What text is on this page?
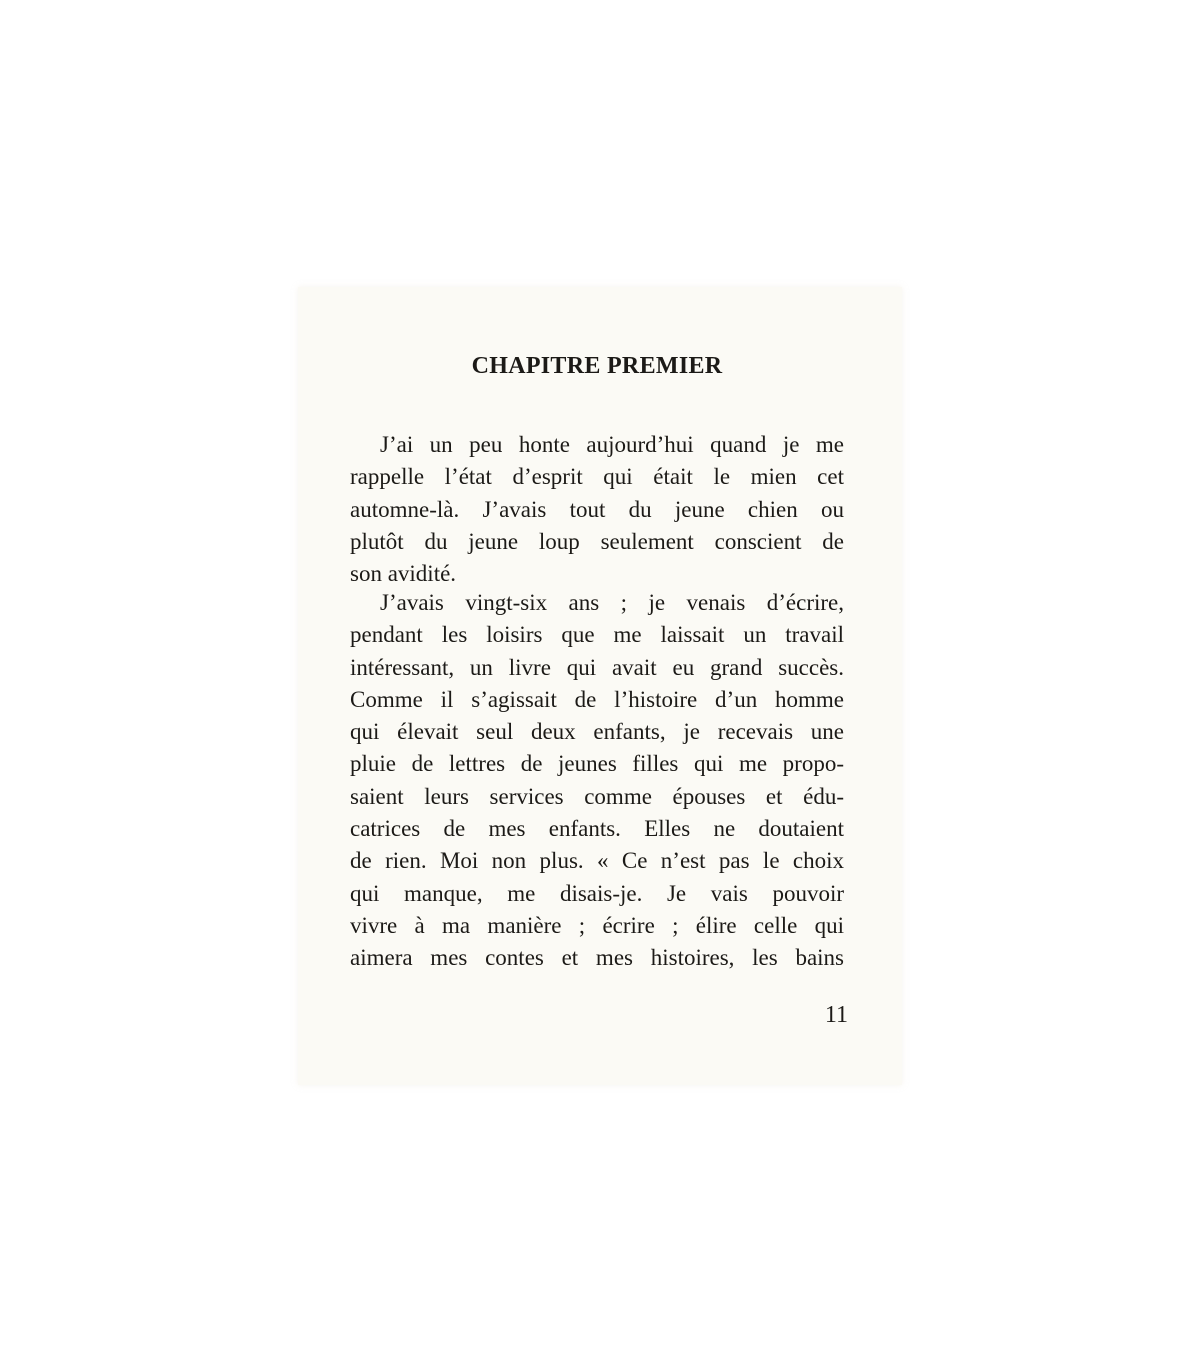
CHAPITRE PREMIER
J’ai un peu honte aujourd’hui quand je me
rappelle l’état d’esprit qui était le mien cet
automne-là. J’avais tout du jeune chien ou
plutôt du jeune loup seulement conscient de
son avidité.
J’avais vingt-six ans ; je venais d’écrire,
pendant les loisirs que me laissait un travail
intéressant, un livre qui avait eu grand succès.
Comme il s’agissait de l’histoire d’un homme
qui élevait seul deux enfants, je recevais une
pluie de lettres de jeunes filles qui me propo-
saient leurs services comme épouses et édu-
catrices de mes enfants. Elles ne doutaient
de rien. Moi non plus. « Ce n’est pas le choix
qui manque, me disais-je. Je vais pouvoir
vivre à ma manière ; écrire ; élire celle qui
aimera mes contes et mes histoires, les bains
11
